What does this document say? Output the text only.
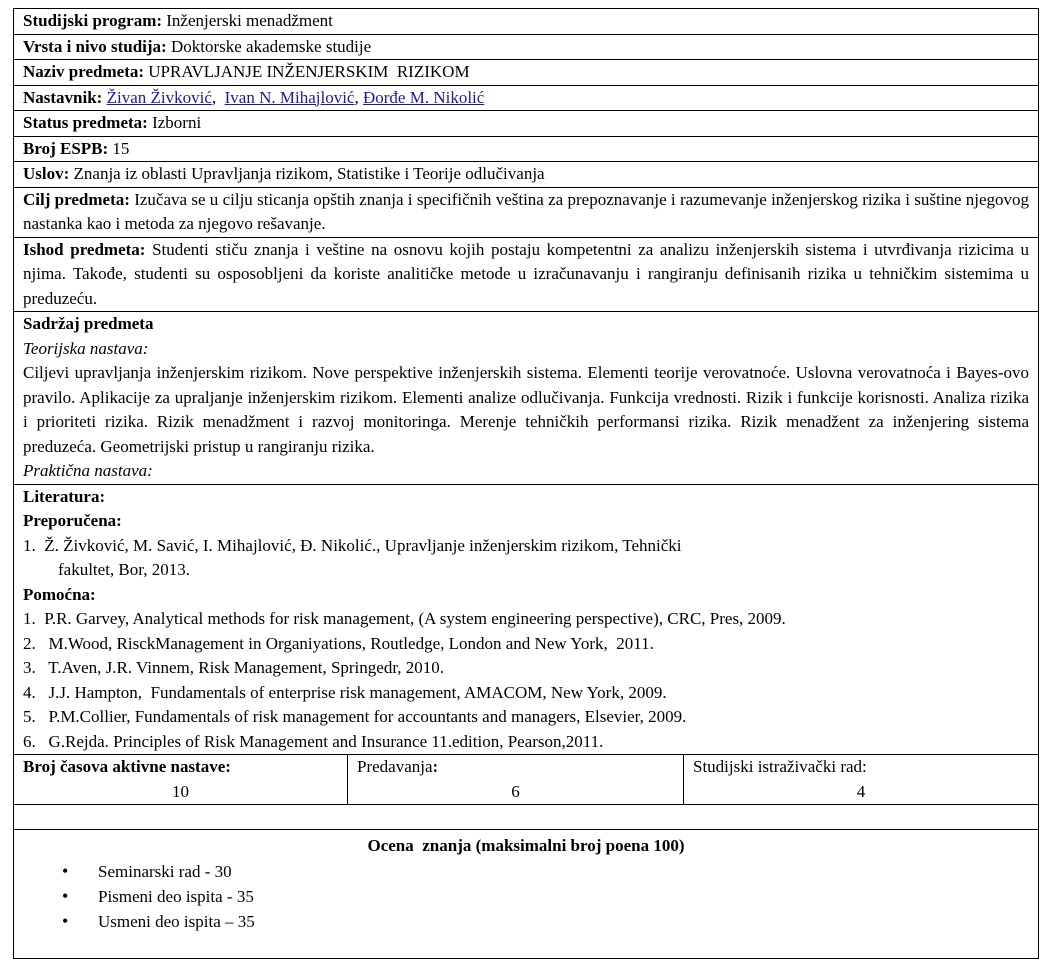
Studijski program: Inženjerski menadžment
Vrsta i nivo studija: Doktorske akademske studije
Naziv predmeta: UPRAVLJANJE INŽENJERSKIM  RIZIKOM
Nastavnik: Živan Živković,  Ivan N. Mihajlović, Đorđe M. Nikolić
Status predmeta: Izborni
Broj ESPB: 15
Uslov: Znanja iz oblasti Upravljanja rizikom, Statistike i Teorije odlučivanja
Cilj predmeta: Izučava se u cilju sticanja opštih znanja i specifičnih veština za prepoznavanje i razumevanje inženjerskog rizika i suštine njegovog nastanka kao i metoda za njegovo rešavanje.
Ishod predmeta: Studenti stiču znanja i veštine na osnovu kojih postaju kompetentni za analizu inženjerskih sistema i utvrđivanja rizicima u njima. Takođe, studenti su osposobljeni da koriste analitičke metode u izračunavanju i rangiranju definisanih rizika u tehničkim sistemima u preduzeću.

Sadržaj predmeta
Teorijska nastava:
Ciljevi upravljanja inženjerskim rizikom. Nove perspektive inženjerskih sistema. Elementi teorije verovatnoće. Uslovna verovatnoća i Bayes-ovo pravilo. Aplikacije za upraljanje inženjerskim rizikom. Elementi analize odlučivanja. Funkcija vrednosti. Rizik i funkcije korisnosti. Analiza rizika i prioriteti rizika. Rizik menadžment i razvoj monitoringa. Merenje tehničkih performansi rizika. Rizik menadžent za inženjering sistema preduzeća. Geometrijski pristup u rangiranju rizika.
Praktična nastava:

Literatura:
Preporučena:
1. Ž. Živković, M. Savić, I. Mihajlović, Đ. Nikolić., Upravljanje inženjerskim rizikom, Tehnički
fakultet, Bor, 2013.
Pomoćna:
1.  P.R. Garvey, Analytical methods for risk management, (A system engineering perspective), CRC, Pres, 2009.
2.   M.Wood, RisckManagement in Organiyations, Routledge, London and New York,  2011.
3.   T.Aven, J.R. Vinnem, Risk Management, Springedr, 2010.
4.   J.J. Hampton,  Fundamentals of enterprise risk management, AMACOM, New York, 2009.
5.   P.M.Collier, Fundamentals of risk management for accountants and managers, Elsevier, 2009.
6.   G.Rejda. Principles of Risk Management and Insurance 11.edition, Pearson,2011.

Broj časova aktivne nastave:
10

Predavanja:
6

Studijski istraživački rad:
4

Ocena  znanja (maksimalni broj poena 100)
• Seminarski rad - 30
• Pismeni deo ispita - 35
• Usmeni deo ispita – 35
